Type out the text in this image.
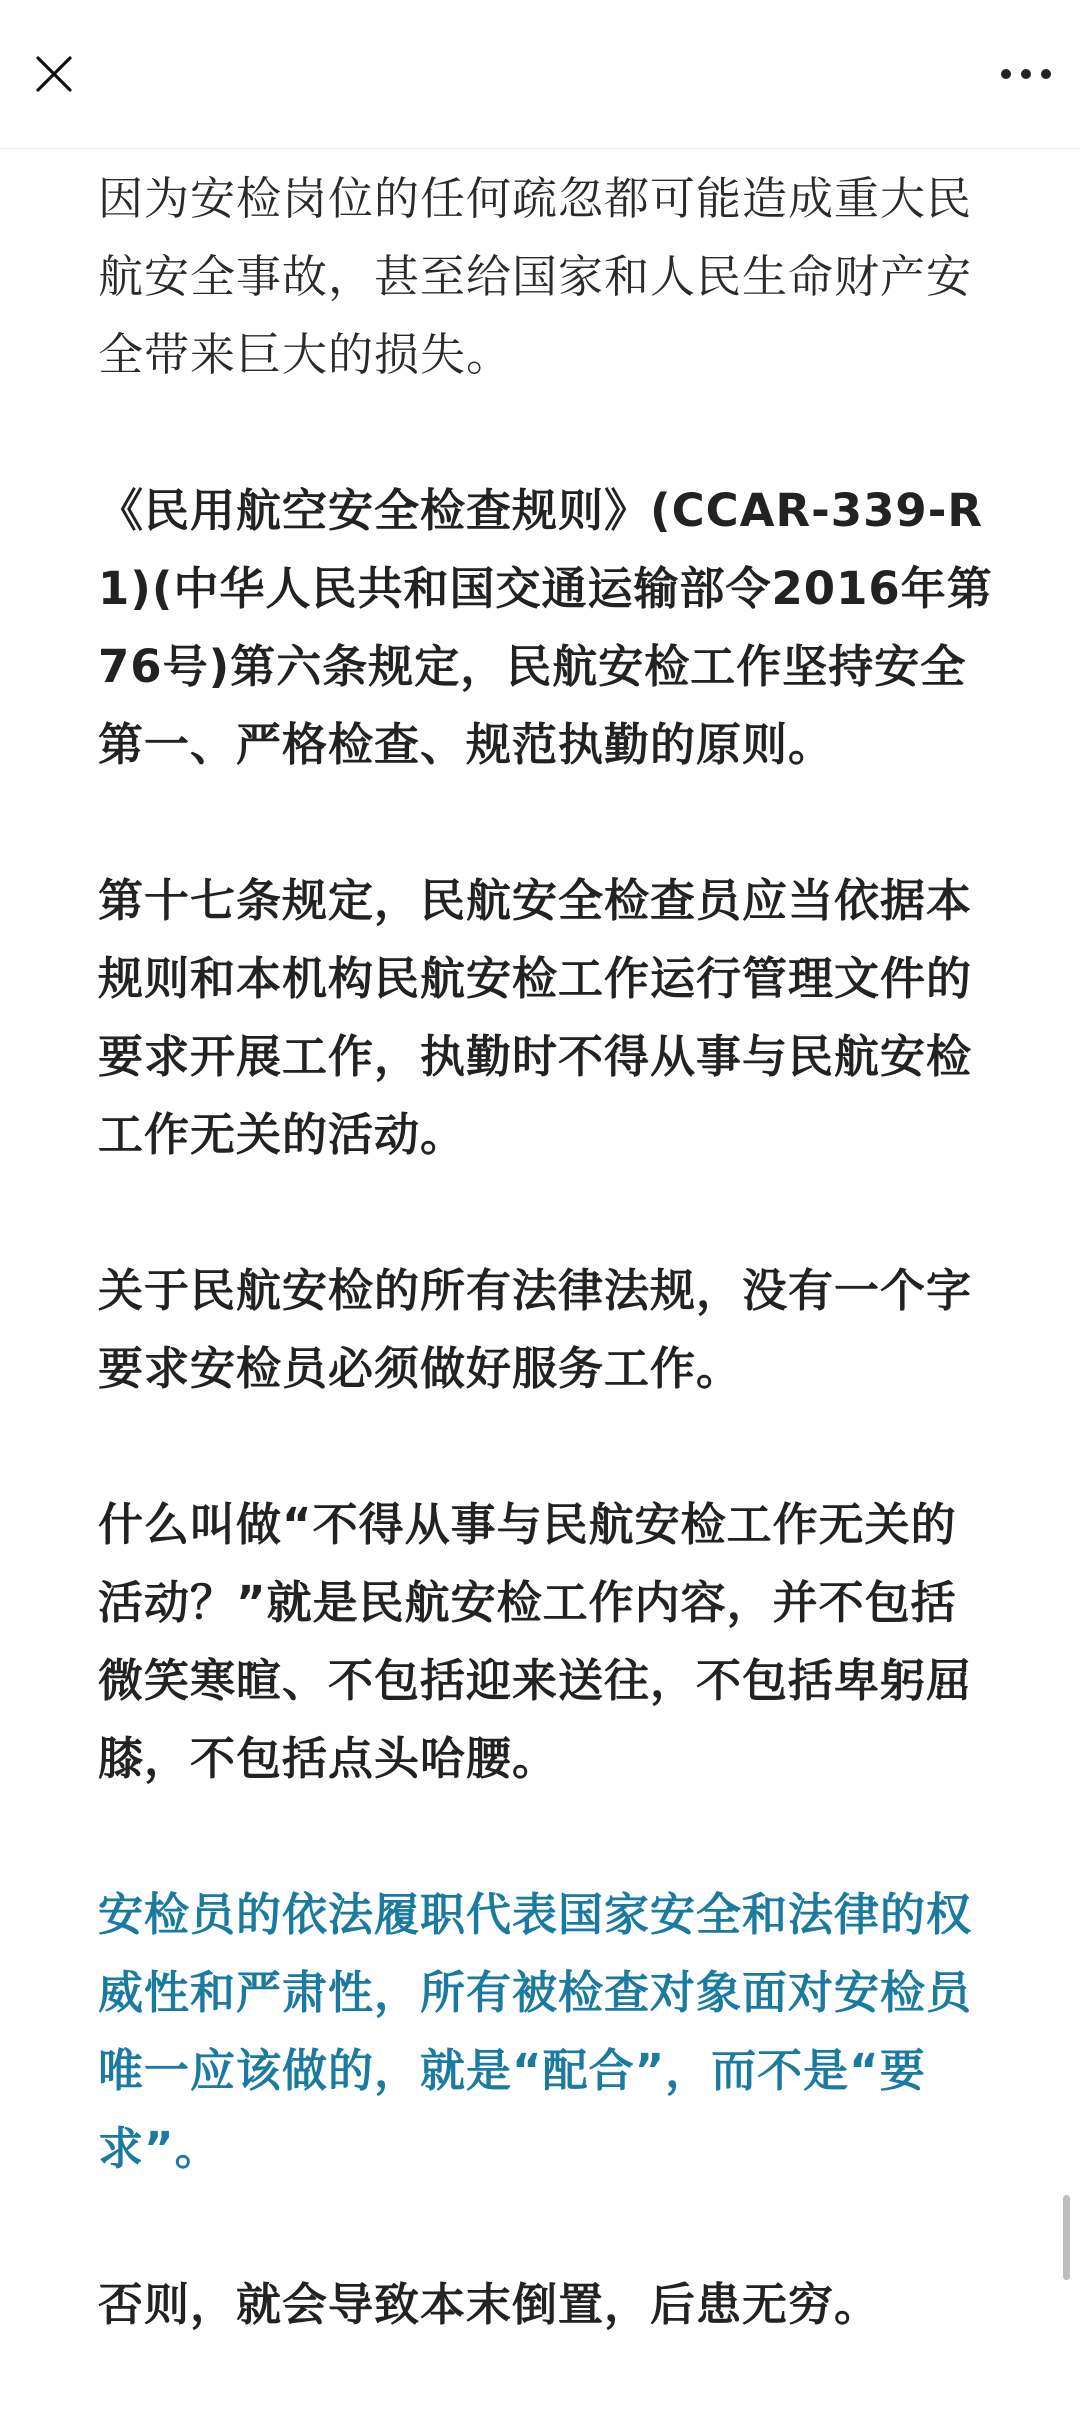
因为安检岗位的任何疏忽都可能造成重大民航安全事故，甚至给国家和人民生命财产安全带来巨大的损失。

《民用航空安全检查规则》(CCAR-339-R1)(中华人民共和国交通运输部令2016年第76号)第六条规定，民航安检工作坚持安全第一、严格检查、规范执勤的原则。

第十七条规定，民航安全检查员应当依据本规则和本机构民航安检工作运行管理文件的要求开展工作，执勤时不得从事与民航安检工作无关的活动。

关于民航安检的所有法律法规，没有一个字要求安检员必须做好服务工作。

什么叫做“不得从事与民航安检工作无关的活动？”就是民航安检工作内容，并不包括微笑寒暄、不包括迎来送往，不包括卑躬屈膝，不包括点头哈腰。

安检员的依法履职代表国家安全和法律的权威性和严肃性，所有被检查对象面对安检员唯一应该做的，就是“配合”，而不是“要求”。

否则，就会导致本末倒置，后患无穷。
